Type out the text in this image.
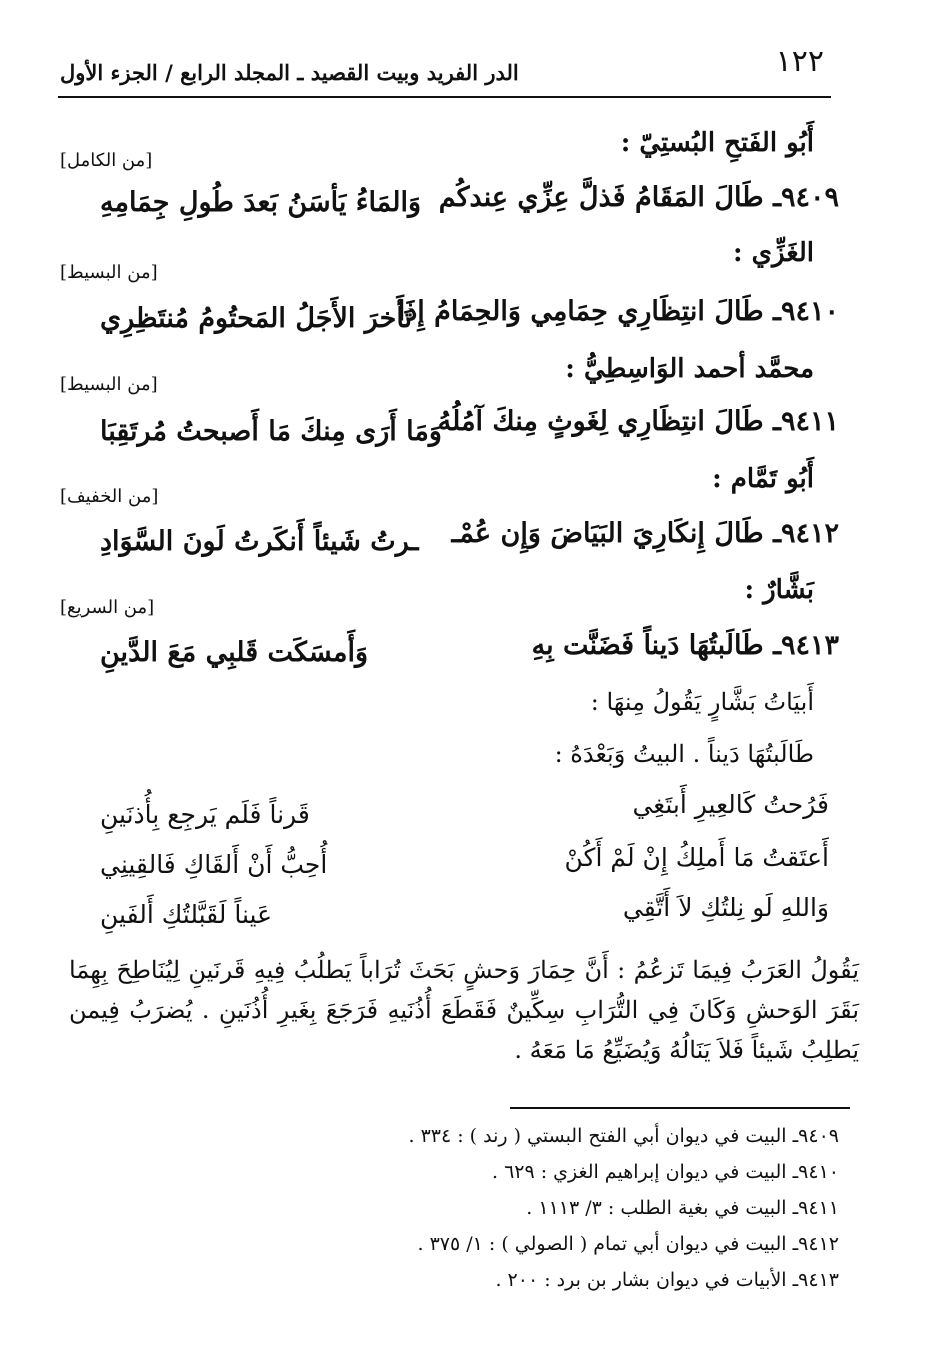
١٢٢
الدر الفريد وبيت القصيد ـ المجلد الرابع / الجزء الأول
أَبُو الفَتحِ البُستِيّ :
[من الكامل]
٩٤٠٩ـ طَالَ المَقَامُ فَذلَّ عِزِّي عِندكُم
وَالمَاءُ يَأسَنُ بَعدَ طُولِ جِمَامِهِ
الغَزِّي :
[من البسيط]
٩٤١٠ـ طَالَ انتِظَارِي حِمَامِي وَالحِمَامُ إِذَا
تَأَخرَ الأَجَلُ المَحتُومُ مُنتَظِرِي
محمَّد أحمد الوَاسِطِيُّ :
[من البسيط]
٩٤١١ـ طَالَ انتِظَارِي لِغَوثٍ مِنكَ آمُلُهُ
وَمَا أَرَى مِنكَ مَا أَصبحتُ مُرتَقِبَا
أَبُو تَمَّام :
[من الخفيف]
٩٤١٢ـ طَالَ إِنكَارِيَ البَيَاضَ وَإِن عُمْـ
ـرتُ شَيئاً أَنكَرتُ لَونَ السَّوَادِ
بَشَّارٌ :
[من السريع]
٩٤١٣ـ طَالَبتُهَا دَيناً فَضَنَّت بِهِ
وَأَمسَكَت قَلبِي مَعَ الدَّينِ
أَبيَاتُ بَشَّارٍ يَقُولُ مِنهَا :
طَالَبتُهَا دَيناً . البيتُ وَبَعْدَهُ :
فَرُحتُ كَالعِيرِ أَبتَغِي
قَرناً فَلَم يَرجِع بِأُذنَينِ
أَعتَقتُ مَا أَملِكُ إِنْ لَمْ أَكُنْ
أُحِبُّ أَنْ أَلقَاكِ فَالقِينِي
وَاللهِ لَو نِلتُكِ لاَ أَتَّقِي
عَيناً لَقَبَّلتُكِ أَلفَينِ
يَقُولُ العَرَبُ فِيمَا تَزعُمُ : أَنَّ حِمَارَ وَحشٍ بَحَثَ تُرَاباً يَطلُبُ فِيهِ قَرنَينِ لِيُنَاطِحَ بِهِمَا بَقَرَ الوَحشِ وَكَانَ فِي التُّرَابِ سِكِّينٌ فَقَطَعَ أُذُنَيهِ فَرَجَعَ بِغَيرِ أُذُنَينِ . يُضرَبُ فِيمن يَطلِبُ شَيئاً فَلاَ يَنَالُهُ وَيُضَيِّعُ مَا مَعَهُ .
٩٤٠٩ـ البيت في ديوان أبي الفتح البستي ( رند ) : ٣٣٤ .
٩٤١٠ـ البيت في ديوان إبراهيم الغزي : ٦٢٩ .
٩٤١١ـ البيت في بغية الطلب : ٣/ ١١١٣ .
٩٤١٢ـ البيت في ديوان أبي تمام ( الصولي ) : ١/ ٣٧٥ .
٩٤١٣ـ الأبيات في ديوان بشار بن برد : ٢٠٠ .
